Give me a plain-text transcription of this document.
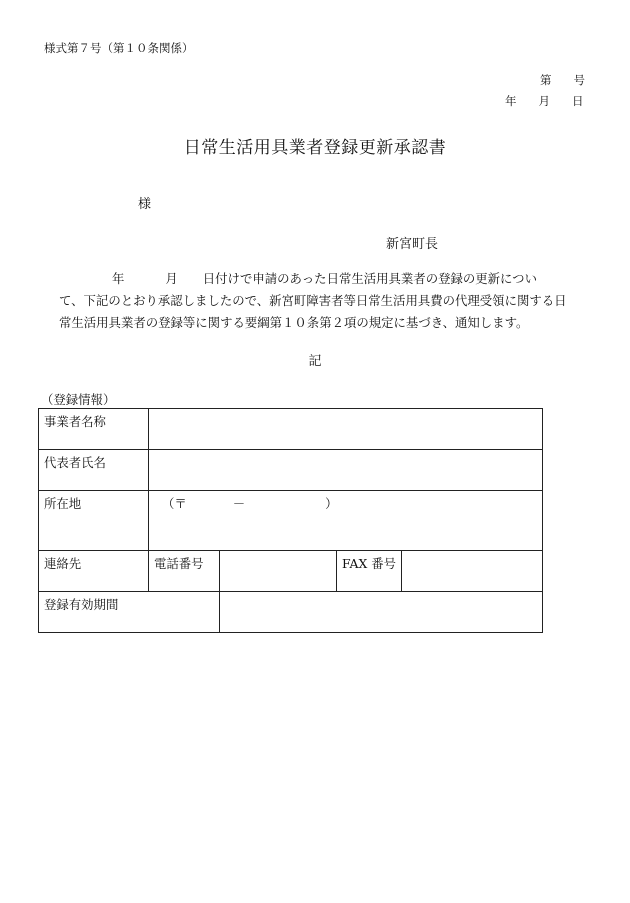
様式第７号（第１０条関係）
第 号
年 月 日
日常生活用具業者登録更新承認書
様
新宮町長
年	月 日付けで申請のあった日常生活用具業者の登録の更新につい
て、下記のとおり承認しましたので、新宮町障害者等日常生活用具費の代理受領に関する日
常生活用具業者の登録等に関する要綱第１０条第２項の規定に基づき、通知します。
記
（登録情報）
事業者名称				
代表者氏名				
所在地	（〒 － ）			
連絡先	電話番号		FAX 番号	
登録有効期間				
